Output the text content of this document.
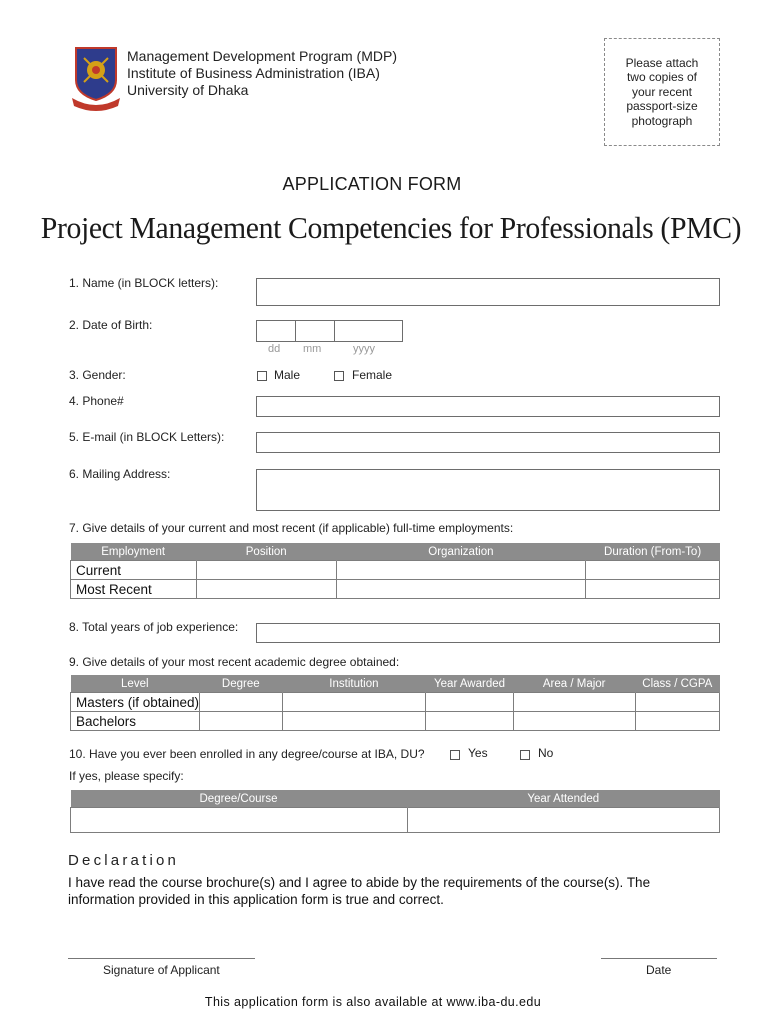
Management Development Program (MDP)
Institute of Business Administration (IBA)
University of Dhaka
Please attach two copies of your recent passport-size photograph
APPLICATION FORM
Project Management Competencies for Professionals (PMC)
1. Name (in BLOCK letters):
2. Date of Birth:
dd mm	yyyy
3. Gender:	Male	Female
4. Phone#
5. E-mail (in BLOCK Letters):
6. Mailing Address:
7. Give details of your current and most recent (if applicable) full-time employments:
Employment	Position	Organization	Duration (From-To)
Current			
Most Recent			
8. Total years of job experience:
9. Give details of your most recent academic degree obtained:
Level	Degree	Institution	Year Awarded	Area / Major	Class / CGPA
Masters (if obtained)					
Bachelors					
10. Have you ever been enrolled in any degree/course at IBA, DU?	Yes	No
If yes, please specify:
Degree/Course	Year Attended

Declaration
I have read the course brochure(s) and I agree to abide by the requirements of the course(s). The information provided in this application form is true and correct.
Signature of Applicant	Date
This application form is also available at www.iba-du.edu
